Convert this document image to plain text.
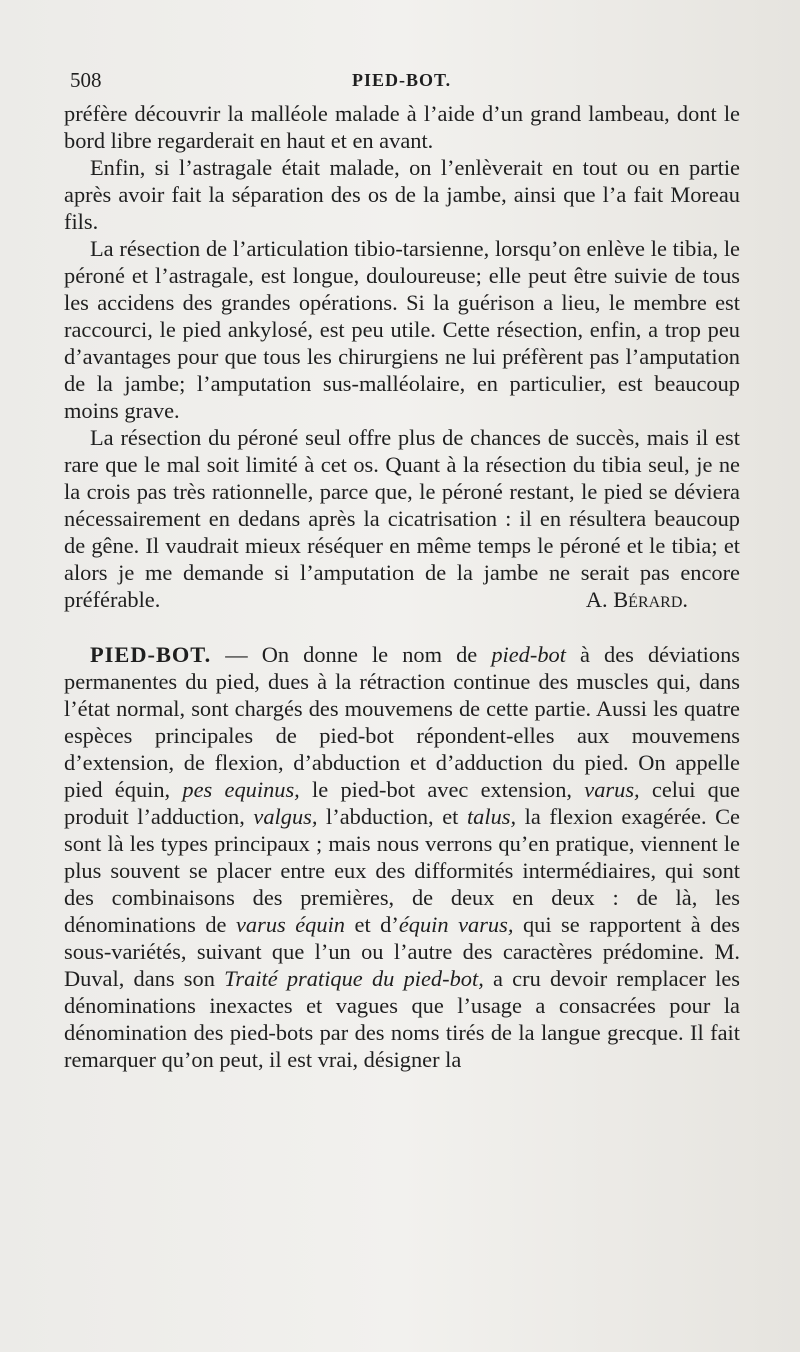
508	PIED-BOT.

préfère découvrir la malléole malade à l’aide d’un grand lambeau, dont le bord libre regarderait en haut et en avant.

Enfin, si l’astragale était malade, on l’enlèverait en tout ou en partie après avoir fait la séparation des os de la jambe, ainsi que l’a fait Moreau fils.

La résection de l’articulation tibio-tarsienne, lorsqu’on enlève le tibia, le péroné et l’astragale, est longue, douloureuse; elle peut être suivie de tous les accidens des grandes opérations. Si la guérison a lieu, le membre est raccourci, le pied ankylosé, est peu utile. Cette résection, enfin, a trop peu d’avantages pour que tous les chirurgiens ne lui préfèrent pas l’amputation de la jambe; l’amputation sus-malléolaire, en particulier, est beaucoup moins grave.

La résection du péroné seul offre plus de chances de succès, mais il est rare que le mal soit limité à cet os. Quant à la résection du tibia seul, je ne la crois pas très rationnelle, parce que, le péroné restant, le pied se déviera nécessairement en dedans après la cicatrisation : il en résultera beaucoup de gêne. Il vaudrait mieux réséquer en même temps le péroné et le tibia; et alors je me demande si l’amputation de la jambe ne serait pas encore préférable.	A. Bérard.

PIED-BOT. — On donne le nom de pied-bot à des déviations permanentes du pied, dues à la rétraction continue des muscles qui, dans l’état normal, sont chargés des mouvemens de cette partie. Aussi les quatre espèces principales de pied-bot répondent-elles aux mouvemens d’extension, de flexion, d’abduction et d’adduction du pied. On appelle pied équin, pes equinus, le pied-bot avec extension, varus, celui que produit l’adduction, valgus, l’abduction, et talus, la flexion exagérée. Ce sont là les types principaux ; mais nous verrons qu’en pratique, viennent le plus souvent se placer entre eux des difformités intermédiaires, qui sont des combinaisons des premières, de deux en deux : de là, les dénominations de varus équin et d’équin varus, qui se rapportent à des sous-variétés, suivant que l’un ou l’autre des caractères prédomine. M. Duval, dans son Traité pratique du pied-bot, a cru devoir remplacer les dénominations inexactes et vagues que l’usage a consacrées pour la dénomination des pied-bots par des noms tirés de la langue grecque. Il fait remarquer qu’on peut, il est vrai, désigner la
